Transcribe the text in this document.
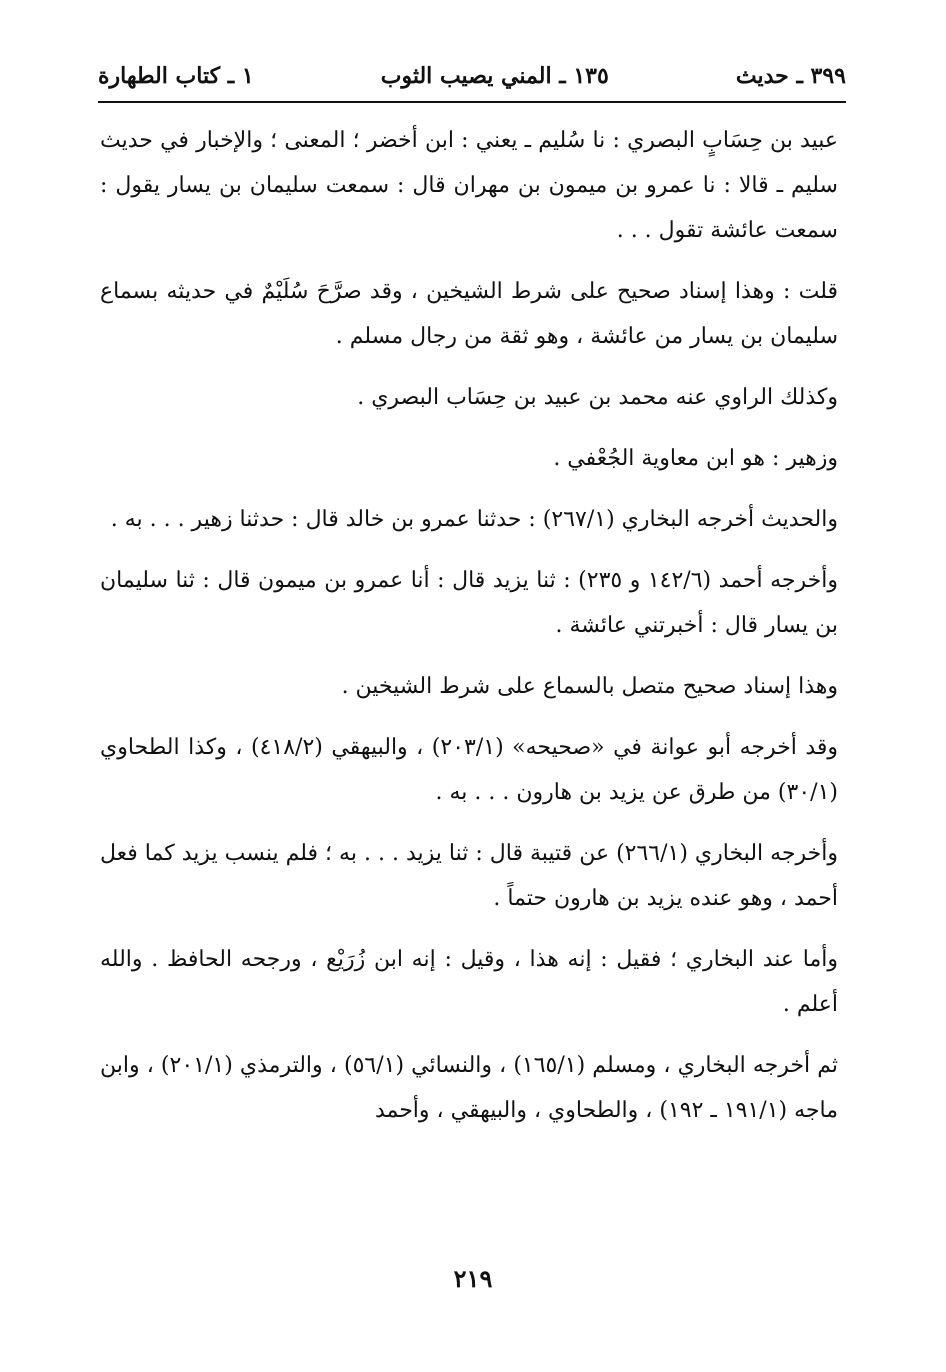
١ ـ كتاب الطهارة	١٣٥ ـ المني يصيب الثوب	٣٩٩ ـ حديث

عبيد بن حِسَابٍ البصري : نا سُليم ـ يعني : ابن أخضر ؛ المعنى ؛ والإخبار في حديث سليم ـ قالا : نا عمرو بن ميمون بن مهران قال : سمعت سليمان بن يسار يقول : سمعت عائشة تقول . . .

قلت : وهذا إسناد صحيح على شرط الشيخين ، وقد صرَّحَ سُلَيْمٌ في حديثه بسماع سليمان بن يسار من عائشة ، وهو ثقة من رجال مسلم .

وكذلك الراوي عنه محمد بن عبيد بن حِسَاب البصري .

وزهير : هو ابن معاوية الجُعْفي .

والحديث أخرجه البخاري (٢٦٧/١) : حدثنا عمرو بن خالد قال : حدثنا زهير . . . به .

وأخرجه أحمد (١٤٢/٦ و ٢٣٥) : ثنا يزيد قال : أنا عمرو بن ميمون قال : ثنا سليمان بن يسار قال : أخبرتني عائشة .

وهذا إسناد صحيح متصل بالسماع على شرط الشيخين .

وقد أخرجه أبو عوانة في «صحيحه» (٢٠٣/١) ، والبيهقي (٤١٨/٢) ، وكذا الطحاوي (٣٠/١) من طرق عن يزيد بن هارون . . . به .

وأخرجه البخاري (٢٦٦/١) عن قتيبة قال : ثنا يزيد . . . به ؛ فلم ينسب يزيد كما فعل أحمد ، وهو عنده يزيد بن هارون حتماً .

وأما عند البخاري ؛ فقيل : إنه هذا ، وقيل : إنه ابن زُرَيْع ، ورجحه الحافظ . والله أعلم .

ثم أخرجه البخاري ، ومسلم (١٦٥/١) ، والنسائي (٥٦/١) ، والترمذي (٢٠١/١) ، وابن ماجه (١٩١/١ ـ ١٩٢) ، والطحاوي ، والبيهقي ، وأحمد

٢١٩
